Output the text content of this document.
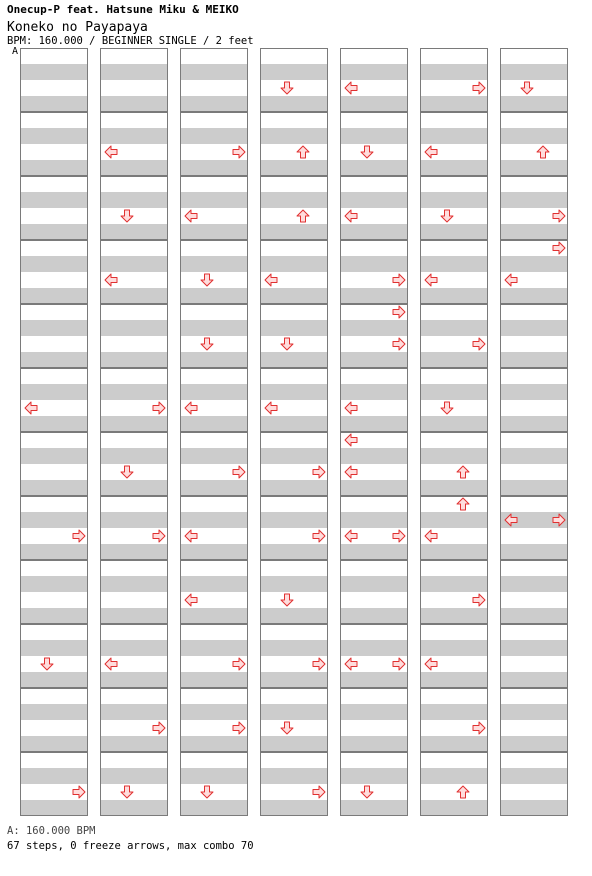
Onecup-P feat. Hatsune Miku & MEIKO
Koneko no Payapaya
BPM: 160.000 / BEGINNER SINGLE / 2 feet
A
A: 160.000 BPM
67 steps, 0 freeze arrows, max combo 70
